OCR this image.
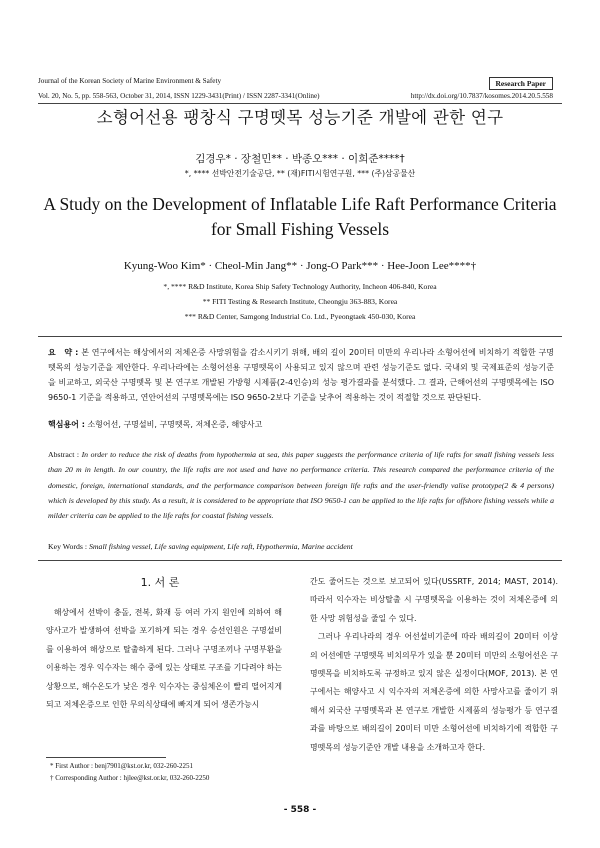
Journal of the Korean Society of Marine Environment & Safety
Vol. 20, No. 5, pp. 558-563, October 31, 2014, ISSN 1229-3431(Print) / ISSN 2287-3341(Online)
Research Paper
http://dx.doi.org/10.7837/kosomes.2014.20.5.558
소형어선용 팽창식 구명뗏목 성능기준 개발에 관한 연구
김경우* · 장철민** · 박종오*** · 이희준****†
*, **** 선박안전기술공단, ** (재)FITI시험연구원, *** (주)삼공물산
A Study on the Development of Inflatable Life Raft Performance Criteria
for Small Fishing Vessels
Kyung-Woo Kim* · Cheol-Min Jang** · Jong-O Park*** · Hee-Joon Lee****†
*, **** R&D Institute, Korea Ship Safety Technology Authority, Incheon 406-840, Korea
** FITI Testing & Research Institute, Cheongju 363-883, Korea
*** R&D Center, Samgong Industrial Co. Ltd., Pyeongtaek 450-030, Korea
요　약 : 본 연구에서는 해상에서의 저체온증 사망위험을 감소시키기 위해, 배의 길이 20미터 미만의 우리나라 소형어선에 비치하기 적합한 구명뗏목의 성능기준을 제안한다. 우리나라에는 소형어선용 구명뗏목이 사용되고 있지 않으며 관련 성능기준도 없다. 국내외 및 국제표준의 성능기준을 비교하고, 외국산 구명뗏목 및 본 연구로 개발된 가방형 시제품(2-4인승)의 성능 평가결과를 분석했다. 그 결과, 근해어선의 구명뗏목에는 ISO 9650-1 기준을 적용하고, 연안어선의 구명뗏목에는 ISO 9650-2보다 기준을 낮추어 적용하는 것이 적절할 것으로 판단된다.
핵심용어 : 소형어선, 구명설비, 구명뗏목, 저체온증, 해양사고
Abstract : In order to reduce the risk of deaths from hypothermia at sea, this paper suggests the performance criteria of life rafts for small fishing vessels less than 20 m in length. In our country, the life rafts are not used and have no performance criteria. This research compared the performance criteria of the domestic, foreign, international standards, and the performance comparison between foreign life rafts and the user-friendly valise prototype(2 & 4 persons) which is developed by this study. As a result, it is considered to be appropriate that ISO 9650-1 can be applied to the life rafts for offshore fishing vessels while a milder criteria can be applied to the life rafts for coastal fishing vessels.
Key Words : Small fishing vessel, Life saving equipment, Life raft, Hypothermia, Marine accident
1. 서 론

해상에서 선박이 충돌, 전복, 화재 등 여러 가지 원인에 의하여 해양사고가 발생하여 선박을 포기하게 되는 경우 승선인원은 구명설비를 이용하여 해상으로 탈출하게 된다. 그러나 구명조끼나 구명부환을 이용하는 경우 익수자는 해수 중에 있는 상태로 구조를 기다려야 하는 상황으로, 해수온도가 낮은 경우 익수자는 중심체온이 빨리 떨어지게 되고 저체온증으로 인한 무의식상태에 빠지게 되어 생존가능시

간도 줄어드는 것으로 보고되어 있다(USSRTF, 2014; MAST, 2014). 따라서 익수자는 비상탈출 시 구명뗏목을 이용하는 것이 저체온증에 의한 사망 위험성을 줄일 수 있다.

그러나 우리나라의 경우 어선설비기준에 따라 배의길이 20미터 이상의 어선에만 구명뗏목 비치의무가 있을 뿐 20미터 미만의 소형어선은 구명뗏목을 비치하도록 규정하고 있지 않은 실정이다(MOF, 2013). 본 연구에서는 해양사고 시 익수자의 저체온증에 의한 사망사고를 줄이기 위해서 외국산 구명뗏목과 본 연구로 개발한 시제품의 성능평가 등 연구결과를 바탕으로 배의길이 20미터 미만 소형어선에 비치하기에 적합한 구명뗏목의 성능기준안 개발 내용을 소개하고자 한다.

* First Author : benj7901@kst.or.kr, 032-260-2251
† Corresponding Author : hjlee@kst.or.kr, 032-260-2250
- 558 -
